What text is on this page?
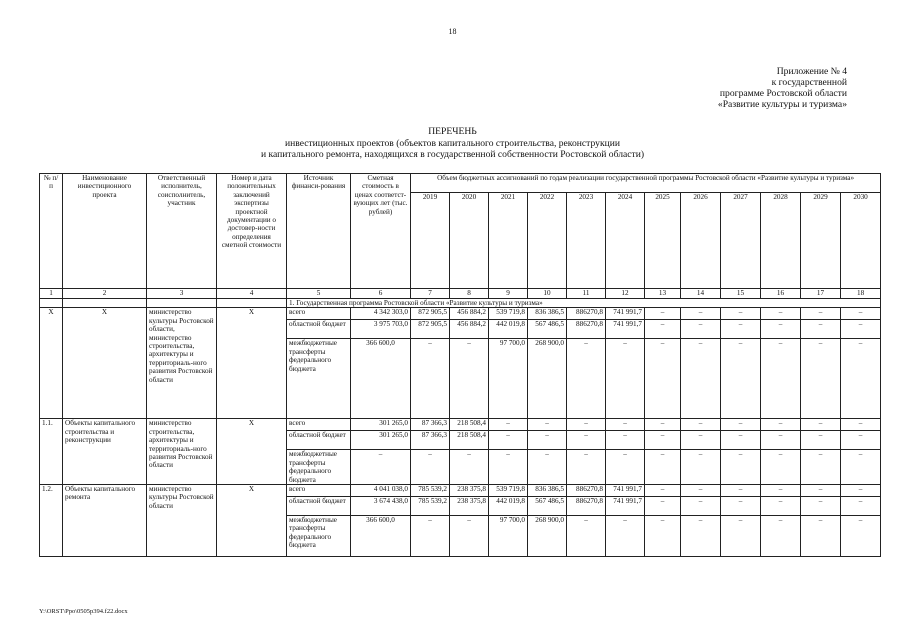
18
Приложение № 4
к государственной
программе Ростовской области
«Развитие культуры и туризма»
ПЕРЕЧЕНЬ
инвестиционных проектов (объектов капитального строительства, реконструкции
и капитального ремонта, находящихся в государственной собственности Ростовской области)
№ п/п	Наименование инвестиционного проекта	Ответственный исполнитель, соисполнитель, участник	Номер и дата положительных заключений экспертизы проектной документации о достовер-ности определения сметной стоимости	Источник финанси-рования	Сметная стоимость в ценах соответст-вующих лет (тыс. рублей)	Объем бюджетных ассигнований по годам реализации государственной программы Ростовской области «Развитие культуры и туризма»											
						2019	2020	2021	2022	2023	2024	2025	2026	2027	2028	2029	2030
1	2	3	4	5	6	7	8	9	10	11	12	13	14	15	16	17	18
				1. Государственная программа Ростовской области «Развитие культуры и туризма»													
Х	Х	министерство культуры Ростовской области, министерство строительства, архитектуры и территориаль-ного развития Ростовской области	Х	всего	4 342 303,0	872 905,5	456 884,2	539 719,8	836 386,5	886270,8	741 991,7	–	–	–	–	–	–
				областной бюджет	3 975 703,0	872 905,5	456 884,2	442 019,8	567 486,5	886270,8	741 991,7	–	–	–	–	–	–
				межбюджетные трансферты федерального бюджета	366 600,0	–	–	97 700,0	268 900,0	–	–	–	–	–	–	–	–
1.1.	Объекты капитального строительства и реконструкции	министерство строительства, архитектуры и территориаль-ного развития Ростовской области	Х	всего	301 265,0	87 366,3	218 508,4	–	–	–	–	–	–	–	–	–	–
				областной бюджет	301 265,0	87 366,3	218 508,4	–	–	–	–	–	–	–	–	–	–
				межбюджетные трансферты федерального бюджета	–	–	–	–	–	–	–	–	–	–	–	–	–
1.2.	Объекты капитального ремонта	министерство культуры Ростовской области	Х	всего	4 041 038,0	785 539,2	238 375,8	539 719,8	836 386,5	886270,8	741 991,7	–	–	–	–	–	–
				областной бюджет	3 674 438,0	785 539,2	238 375,8	442 019,8	567 486,5	886270,8	741 991,7	–	–	–	–	–	–
				межбюджетные трансферты федерального бюджета	366 600,0	–	–	97 700,0	268 900,0	–	–	–	–	–	–	–	–
Y:\ORST\Ppo\0505p394.f22.docx
